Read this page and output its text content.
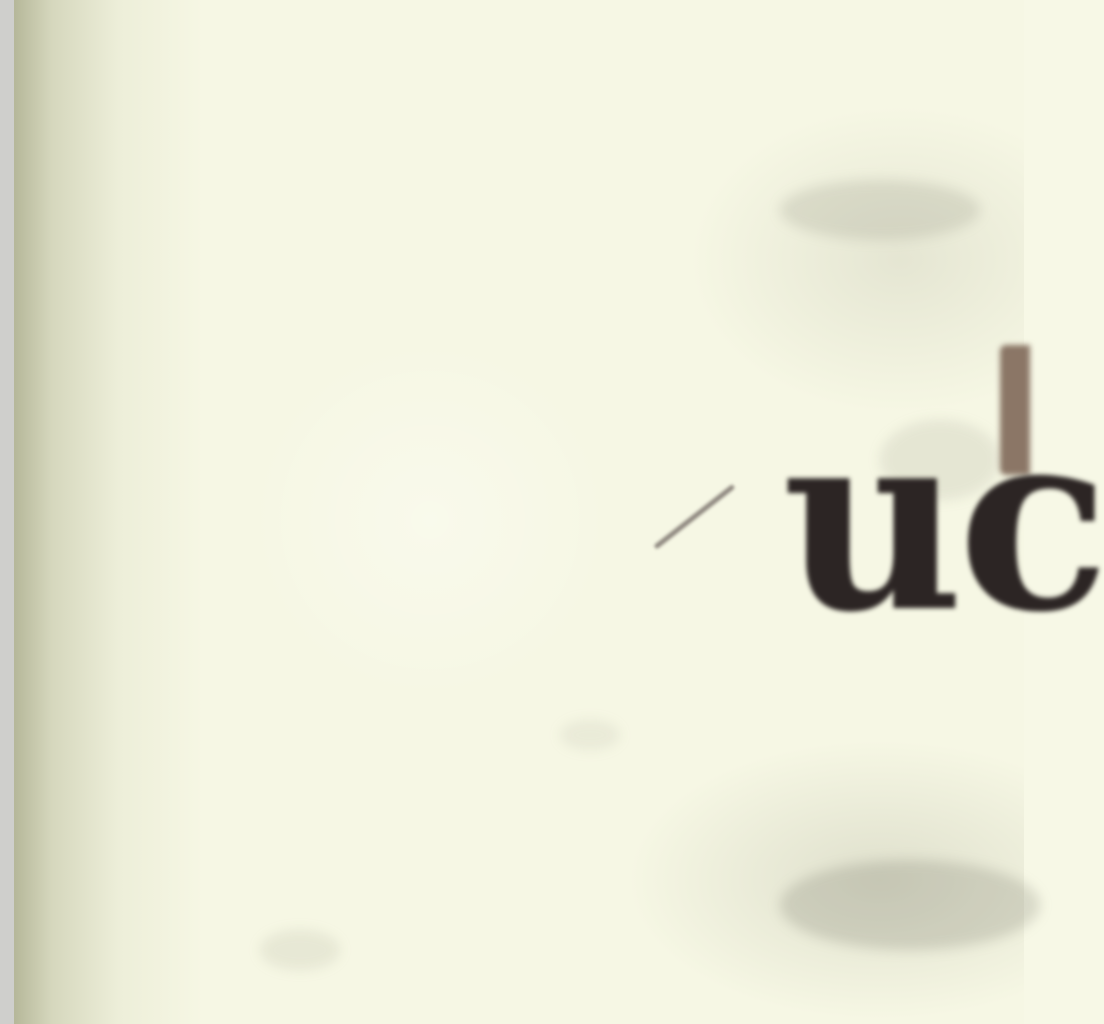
uc
